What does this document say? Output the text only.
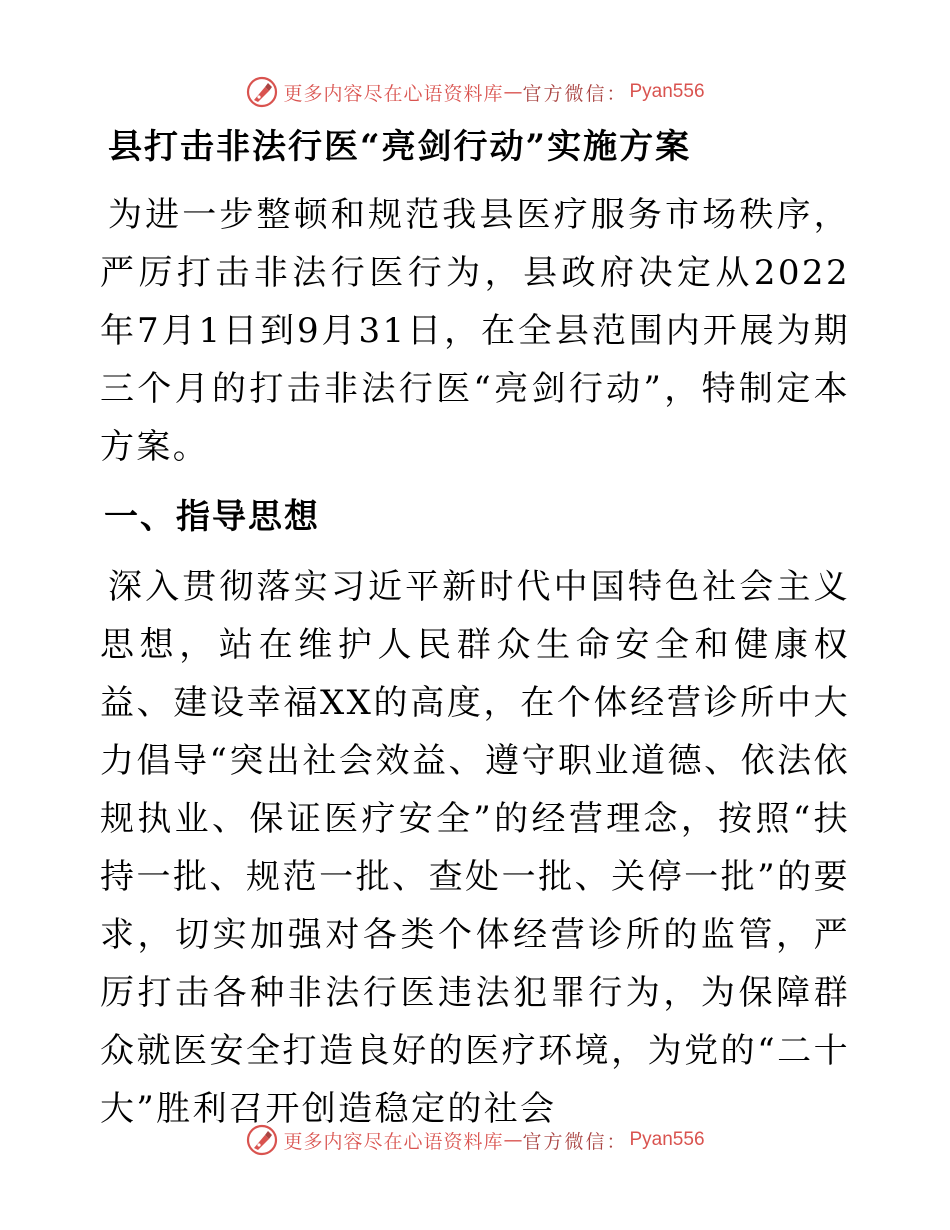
更多内容尽在心语资料库 — 官方微信： Pyan556
县打击非法行医“亮剑行动”实施方案

为进一步整顿和规范我县医疗服务市场秩序，严厉打击非法行医行为，县政府决定从2022年7月1日到9月31日，在全县范围内开展为期三个月的打击非法行医“亮剑行动”，特制定本方案。

一、指导思想

深入贯彻落实习近平新时代中国特色社会主义思想，站在维护人民群众生命安全和健康权益、建设幸福XX的高度，在个体经营诊所中大力倡导“突出社会效益、遵守职业道德、依法依规执业、保证医疗安全”的经营理念，按照“扶持一批、规范一批、查处一批、关停一批”的要求，切实加强对各类个体经营诊所的监管，严厉打击各种非法行医违法犯罪行为，为保障群众就医安全打造良好的医疗环境，为党的“二十大”胜利召开创造稳定的社会

更多内容尽在心语资料库 — 官方微信： Pyan556
